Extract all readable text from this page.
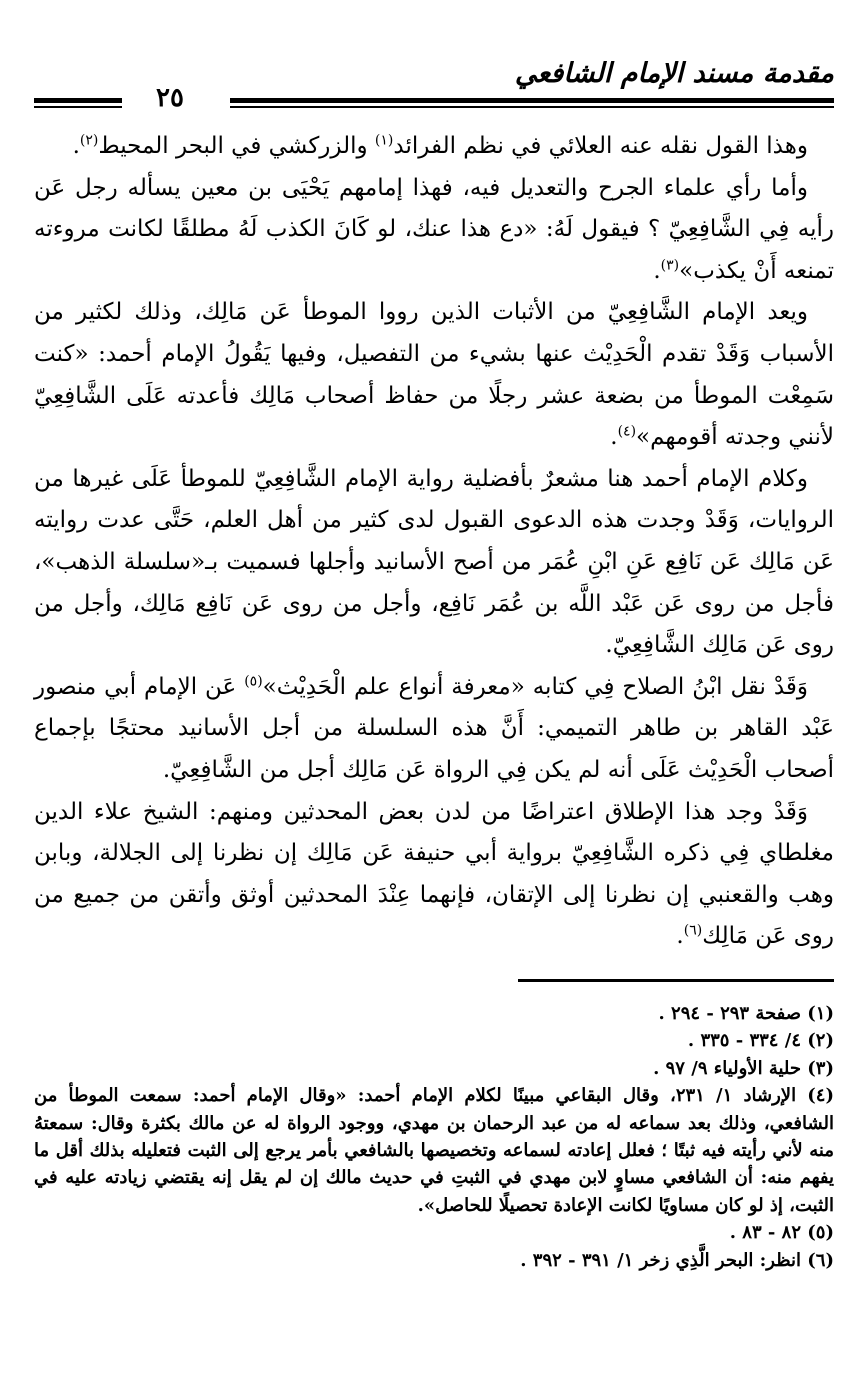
مقدمة مسند الإمام الشافعي
٢٥

وهذا القول نقله عنه العلائي في نظم الفرائد$^{(١)}$ والزركشي في البحر المحيط$^{(٢)}$.

وأما رأي علماء الجرح والتعديل فيه، فهذا إمامهم يَحْيَى بن معين يسأله رجل عَن رأيه فِي الشَّافِعِيّ ؟ فيقول لَهُ: «دع هذا عنك، لو كَانَ الكذب لَهُ مطلقًا لكانت مروءته تمنعه أَنْ يكذب»$^{(٣)}$.

ويعد الإمام الشَّافِعِيّ من الأثبات الذين رووا الموطأ عَن مَالِك، وذلك لكثير من الأسباب وَقَدْ تقدم الْحَدِيْث عنها بشيء من التفصيل، وفيها يَقُولُ الإمام أحمد: «كنت سَمِعْت الموطأ من بضعة عشر رجلًا من حفاظ أصحاب مَالِك فأعدته عَلَى الشَّافِعِيّ لأنني وجدته أقومهم»$^{(٤)}$.

وكلام الإمام أحمد هنا مشعرٌ بأفضلية رواية الإمام الشَّافِعِيّ للموطأ عَلَى غيرها من الروايات، وَقَدْ وجدت هذه الدعوى القبول لدى كثير من أهل العلم، حَتَّى عدت روايته عَن مَالِك عَن نَافِع عَنِ ابْنِ عُمَر من أصح الأسانيد وأجلها فسميت بـ«سلسلة الذهب»، فأجل من روى عَن عَبْد اللَّه بن عُمَر نَافِع، وأجل من روى عَن نَافِع مَالِك، وأجل من روى عَن مَالِك الشَّافِعِيّ.

وَقَدْ نقل ابْنُ الصلاح فِي كتابه «معرفة أنواع علم الْحَدِيْث»$^{(٥)}$ عَن الإمام أبي منصور عَبْد القاهر بن طاهر التميمي: أَنَّ هذه السلسلة من أجل الأسانيد محتجًا بإجماع أصحاب الْحَدِيْث عَلَى أنه لم يكن فِي الرواة عَن مَالِك أجل من الشَّافِعِيّ.

وَقَدْ وجد هذا الإطلاق اعتراضًا من لدن بعض المحدثين ومنهم: الشيخ علاء الدين مغلطاي فِي ذكره الشَّافِعِيّ برواية أبي حنيفة عَن مَالِك إن نظرنا إلى الجلالة، وبابن وهب والقعنبي إن نظرنا إلى الإتقان، فإنهما عِنْدَ المحدثين أوثق وأتقن من جميع من روى عَن مَالِك$^{(٦)}$.

(١) صفحة ٢٩٣ - ٢٩٤ .

(٢) ٤/ ٣٣٤ - ٣٣٥ .

(٣) حلية الأولياء ٩/ ٩٧ .

(٤) الإرشاد ١/ ٢٣١، وقال البقاعي مبينًا لكلام الإمام أحمد: «وقال الإمام أحمد: سمعت الموطأ من الشافعي، وذلك بعد سماعه له من عبد الرحمان بن مهدي، ووجود الرواة له عن مالك بكثرة وقال: سمعتهُ منه لأني رأيته فيه ثبتًا ؛ فعلل إعادته لسماعه وتخصيصها بالشافعي بأمر يرجع إلى الثبت فتعليله بذلك أقل ما يفهم منه: أن الشافعي مساوٍ لابن مهدي في الثبتِ في حديث مالك إن لم يقل إنه يقتضي زيادته عليه في الثبت، إذ لو كان مساويًا لكانت الإعادة تحصيلًا للحاصل».

(٥) ٨٢ - ٨٣ .

(٦) انظر: البحر الَّذِي زخر ١/ ٣٩١ - ٣٩٢ .
